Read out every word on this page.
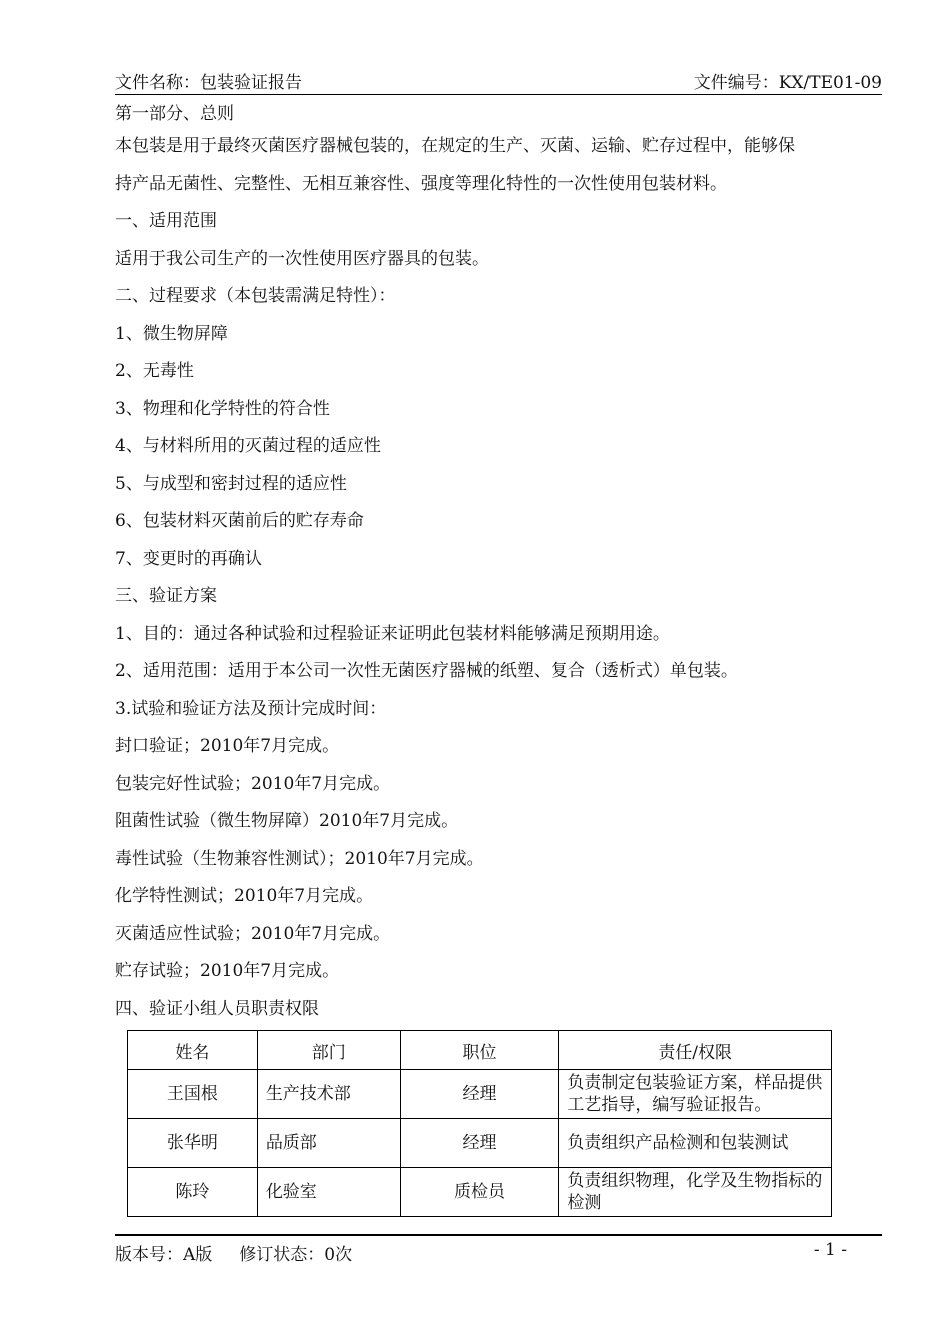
文件名称：包装验证报告	文件编号：KX/TE01-09
第一部分、总则
本包装是用于最终灭菌医疗器械包装的，在规定的生产、灭菌、运输、贮存过程中，能够保
持产品无菌性、完整性、无相互兼容性、强度等理化特性的一次性使用包装材料。
一、适用范围
适用于我公司生产的一次性使用医疗器具的包装。
二、过程要求（本包装需满足特性）：
1、微生物屏障
2、无毒性
3、物理和化学特性的符合性
4、与材料所用的灭菌过程的适应性
5、与成型和密封过程的适应性
6、包装材料灭菌前后的贮存寿命
7、变更时的再确认
三、验证方案
1、目的：通过各种试验和过程验证来证明此包装材料能够满足预期用途。
2、适用范围：适用于本公司一次性无菌医疗器械的纸塑、复合（透析式）单包装。
3.试验和验证方法及预计完成时间：
封口验证；2010年7月完成。
包装完好性试验；2010年7月完成。
阻菌性试验（微生物屏障）2010年7月完成。
毒性试验（生物兼容性测试）；2010年7月完成。
化学特性测试；2010年7月完成。
灭菌适应性试验；2010年7月完成。
贮存试验；2010年7月完成。
四、验证小组人员职责权限
姓名	部门	职位	责任/权限
王国根	生产技术部	经理	负责制定包装验证方案，样品提供工艺指导，编写验证报告。
张华明	品质部	经理	负责组织产品检测和包装测试
陈玲	化验室	质检员	负责组织物理，化学及生物指标的检测
版本号：A版     修订状态：0次	- 1 -
